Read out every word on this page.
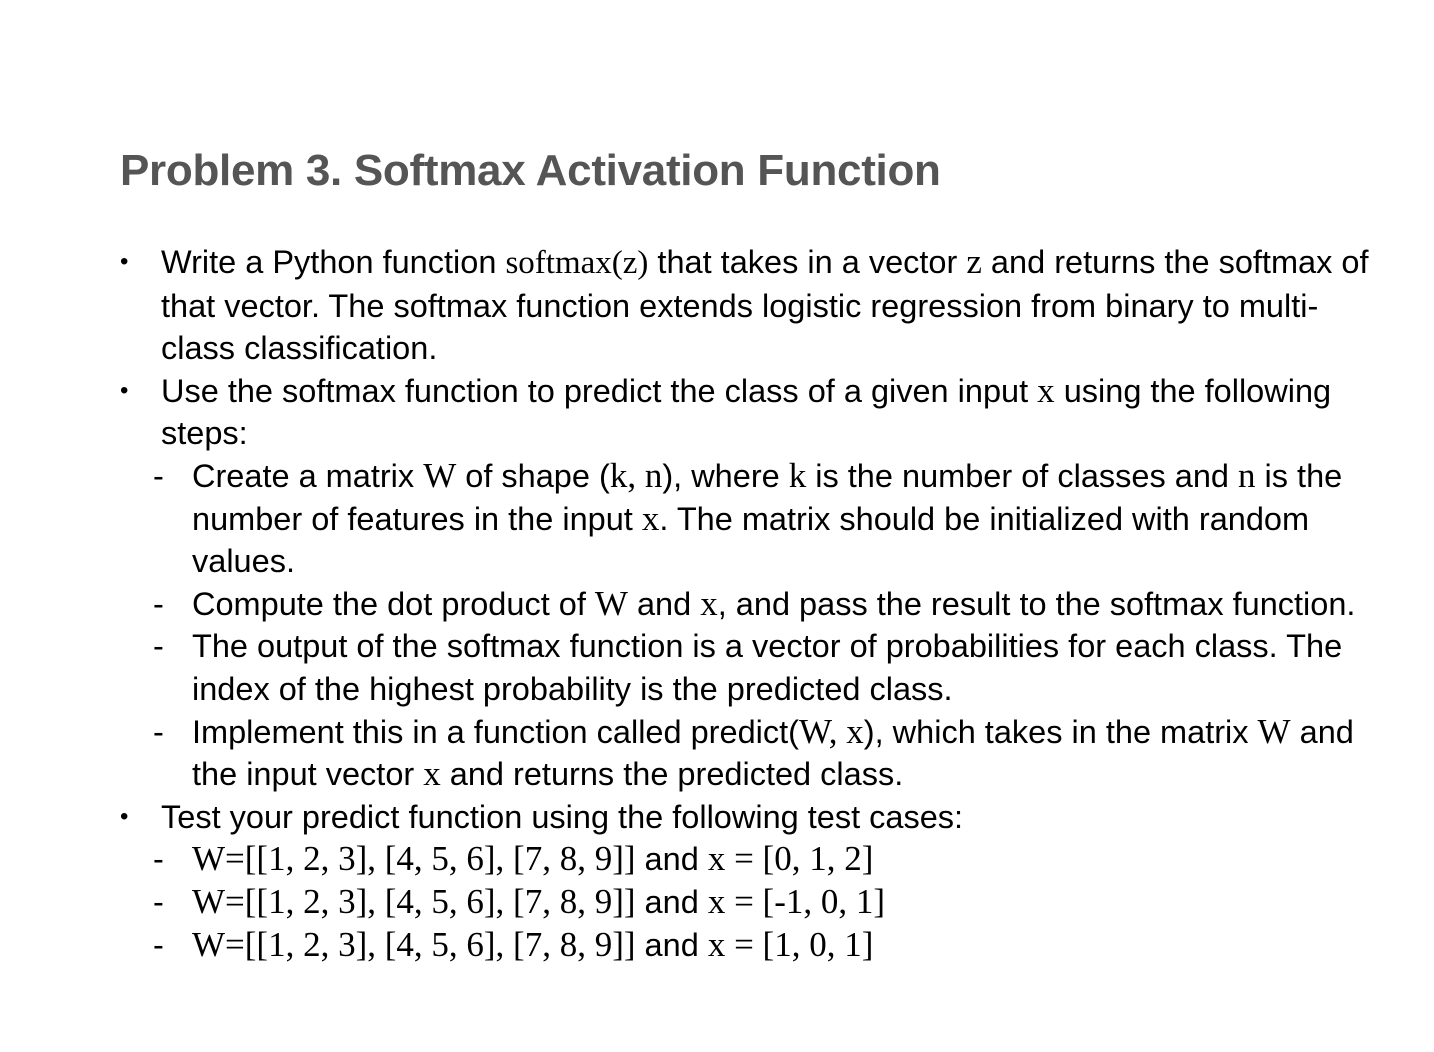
Problem 3. Softmax Activation Function

• Write a Python function softmax(z) that takes in a vector z and returns the softmax of that vector. The softmax function extends logistic regression from binary to multi-class classification.

• Use the softmax function to predict the class of a given input x using the following steps:

- Create a matrix W of shape (k, n), where k is the number of classes and n is the number of features in the input x. The matrix should be initialized with random values.

- Compute the dot product of W and x, and pass the result to the softmax function.

- The output of the softmax function is a vector of probabilities for each class. The index of the highest probability is the predicted class.

- Implement this in a function called predict(W, x), which takes in the matrix W and the input vector x and returns the predicted class.

• Test your predict function using the following test cases:

- W=[[1, 2, 3], [4, 5, 6], [7, 8, 9]] and x = [0, 1, 2]

- W=[[1, 2, 3], [4, 5, 6], [7, 8, 9]] and x = [-1, 0, 1]

- W=[[1, 2, 3], [4, 5, 6], [7, 8, 9]] and x = [1, 0, 1]
